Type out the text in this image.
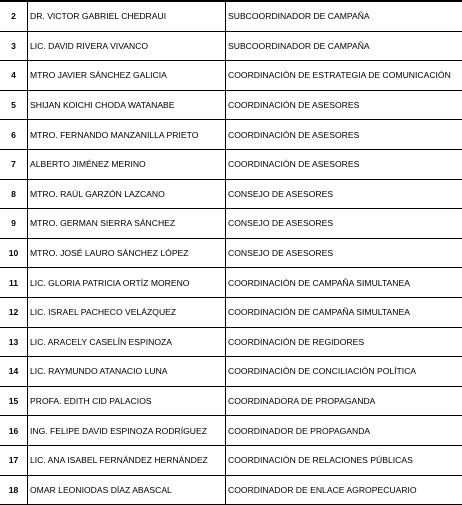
2	DR. VICTOR GABRIEL CHEDRAUI	SUBCOORDINADOR DE CAMPAÑA
3	LIC. DAVID RIVERA VIVANCO	SUBCOORDINADOR DE CAMPAÑA
4	MTRO JAVIER SÁNCHEZ GALICIA	COORDINACIÓN DE ESTRATEGIA DE COMUNICACIÓN
5	SHIJAN KOICHI CHODA WATANABE	COORDINACIÓN DE ASESORES
6	MTRO. FERNANDO MANZANILLA PRIETO	COORDINACIÓN DE ASESORES
7	ALBERTO JIMÉNEZ MERINO	COORDINACIÓN DE ASESORES
8	MTRO. RAÚL GARZÓN LAZCANO	CONSEJO DE ASESORES
9	MTRO. GERMAN SIERRA SÁNCHEZ	CONSEJO DE ASESORES
10	MTRO. JOSÉ LAURO SÁNCHEZ LÓPEZ	CONSEJO DE ASESORES
11	LIC. GLORIA PATRICIA ORTÍZ MORENO	COORDINACIÓN DE CAMPAÑA SIMULTANEA
12	LIC. ISRAEL PACHECO VELÁZQUEZ	COORDINACIÓN DE CAMPAÑA SIMULTANEA
13	LIC. ARACELY CASELÍN ESPINOZA	COORDINACIÓN DE REGIDORES
14	LIC. RAYMUNDO ATANACIO LUNA	COORDINACIÓN DE CONCILIACIÓN POLÍTICA
15	PROFA. EDITH CID PALACIOS	COORDINADORA DE PROPAGANDA
16	ING. FELIPE DAVID ESPINOZA RODRÍGUEZ	COORDINADOR DE PROPAGANDA
17	LIC. ANA ISABEL FERNÁNDEZ HERNÁNDEZ	COORDINACIÓN DE RELACIONES PÚBLICAS
18	OMAR LEONIODAS DÍAZ ABASCAL	COORDINADOR DE ENLACE AGROPECUARIO
